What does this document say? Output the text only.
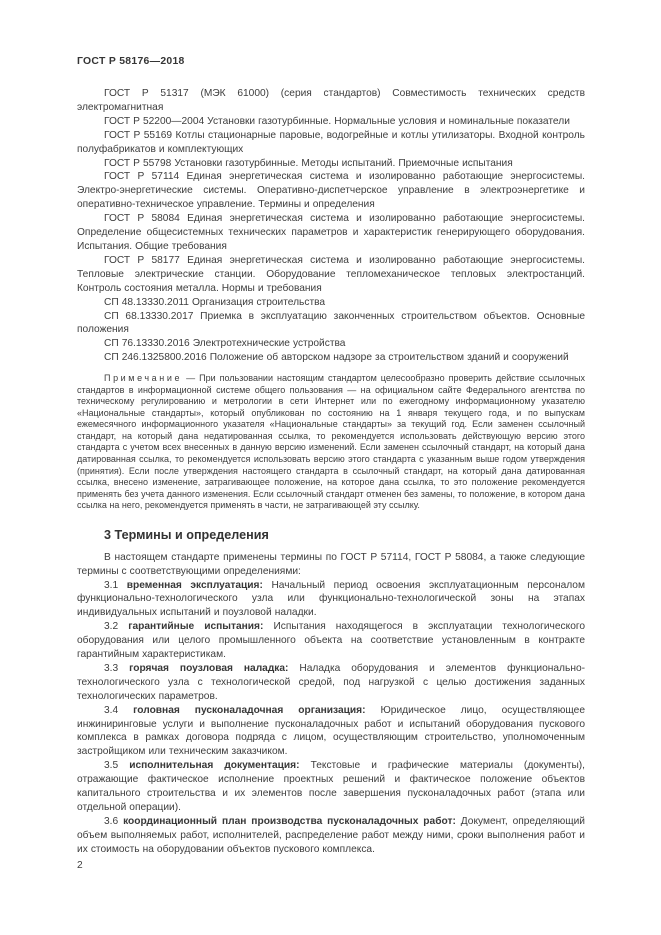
ГОСТ Р 58176—2018

ГОСТ Р 51317 (МЭК 61000) (серия стандартов) Совместимость технических средств электромагнитная

ГОСТ Р 52200—2004 Установки газотурбинные. Нормальные условия и номинальные показатели

ГОСТ Р 55169 Котлы стационарные паровые, водогрейные и котлы утилизаторы. Входной контроль полуфабрикатов и комплектующих

ГОСТ Р 55798 Установки газотурбинные. Методы испытаний. Приемочные испытания

ГОСТ Р 57114 Единая энергетическая система и изолированно работающие энергосистемы. Электро-энергетические системы. Оперативно-диспетчерское управление в электроэнергетике и оперативно-техническое управление. Термины и определения

ГОСТ Р 58084 Единая энергетическая система и изолированно работающие энергосистемы. Определение общесистемных технических параметров и характеристик генерирующего оборудования. Испытания. Общие требования

ГОСТ Р 58177 Единая энергетическая система и изолированно работающие энергосистемы. Тепловые электрические станции. Оборудование тепломеханическое тепловых электростанций. Контроль состояния металла. Нормы и требования

СП 48.13330.2011 Организация строительства

СП 68.13330.2017 Приемка в эксплуатацию законченных строительством объектов. Основные положения

СП 76.13330.2016 Электротехнические устройства

СП 246.1325800.2016 Положение об авторском надзоре за строительством зданий и сооружений

Примечание — При пользовании настоящим стандартом целесообразно проверить действие ссылочных стандартов в информационной системе общего пользования — на официальном сайте Федерального агентства по техническому регулированию и метрологии в сети Интернет или по ежегодному информационному указателю «Национальные стандарты», который опубликован по состоянию на 1 января текущего года, и по выпускам ежемесячного информационного указателя «Национальные стандарты» за текущий год. Если заменен ссылочный стандарт, на который дана недатированная ссылка, то рекомендуется использовать действующую версию этого стандарта с учетом всех внесенных в данную версию изменений. Если заменен ссылочный стандарт, на который дана датированная ссылка, то рекомендуется использовать версию этого стандарта с указанным выше годом утверждения (принятия). Если после утверждения настоящего стандарта в ссылочный стандарт, на который дана датированная ссылка, внесено изменение, затрагивающее положение, на которое дана ссылка, то это положение рекомендуется применять без учета данного изменения. Если ссылочный стандарт отменен без замены, то положение, в котором дана ссылка на него, рекомендуется применять в части, не затрагивающей эту ссылку.

3 Термины и определения

В настоящем стандарте применены термины по ГОСТ Р 57114, ГОСТ Р 58084, а также следующие термины с соответствующими определениями:

3.1 временная эксплуатация: Начальный период освоения эксплуатационным персоналом функционально-технологического узла или функционально-технологической зоны на этапах индивидуальных испытаний и поузловой наладки.

3.2 гарантийные испытания: Испытания находящегося в эксплуатации технологического оборудования или целого промышленного объекта на соответствие установленным в контракте гарантийным характеристикам.

3.3 горячая поузловая наладка: Наладка оборудования и элементов функционально-технологического узла с технологической средой, под нагрузкой с целью достижения заданных технологических параметров.

3.4 головная пусконаладочная организация: Юридическое лицо, осуществляющее инжиниринговые услуги и выполнение пусконаладочных работ и испытаний оборудования пускового комплекса в рамках договора подряда с лицом, осуществляющим строительство, уполномоченным застройщиком или техническим заказчиком.

3.5 исполнительная документация: Текстовые и графические материалы (документы), отражающие фактическое исполнение проектных решений и фактическое положение объектов капитального строительства и их элементов после завершения пусконаладочных работ (этапа или отдельной операции).

3.6 координационный план производства пусконаладочных работ: Документ, определяющий объем выполняемых работ, исполнителей, распределение работ между ними, сроки выполнения работ и их стоимость на оборудовании объектов пускового комплекса.

2
